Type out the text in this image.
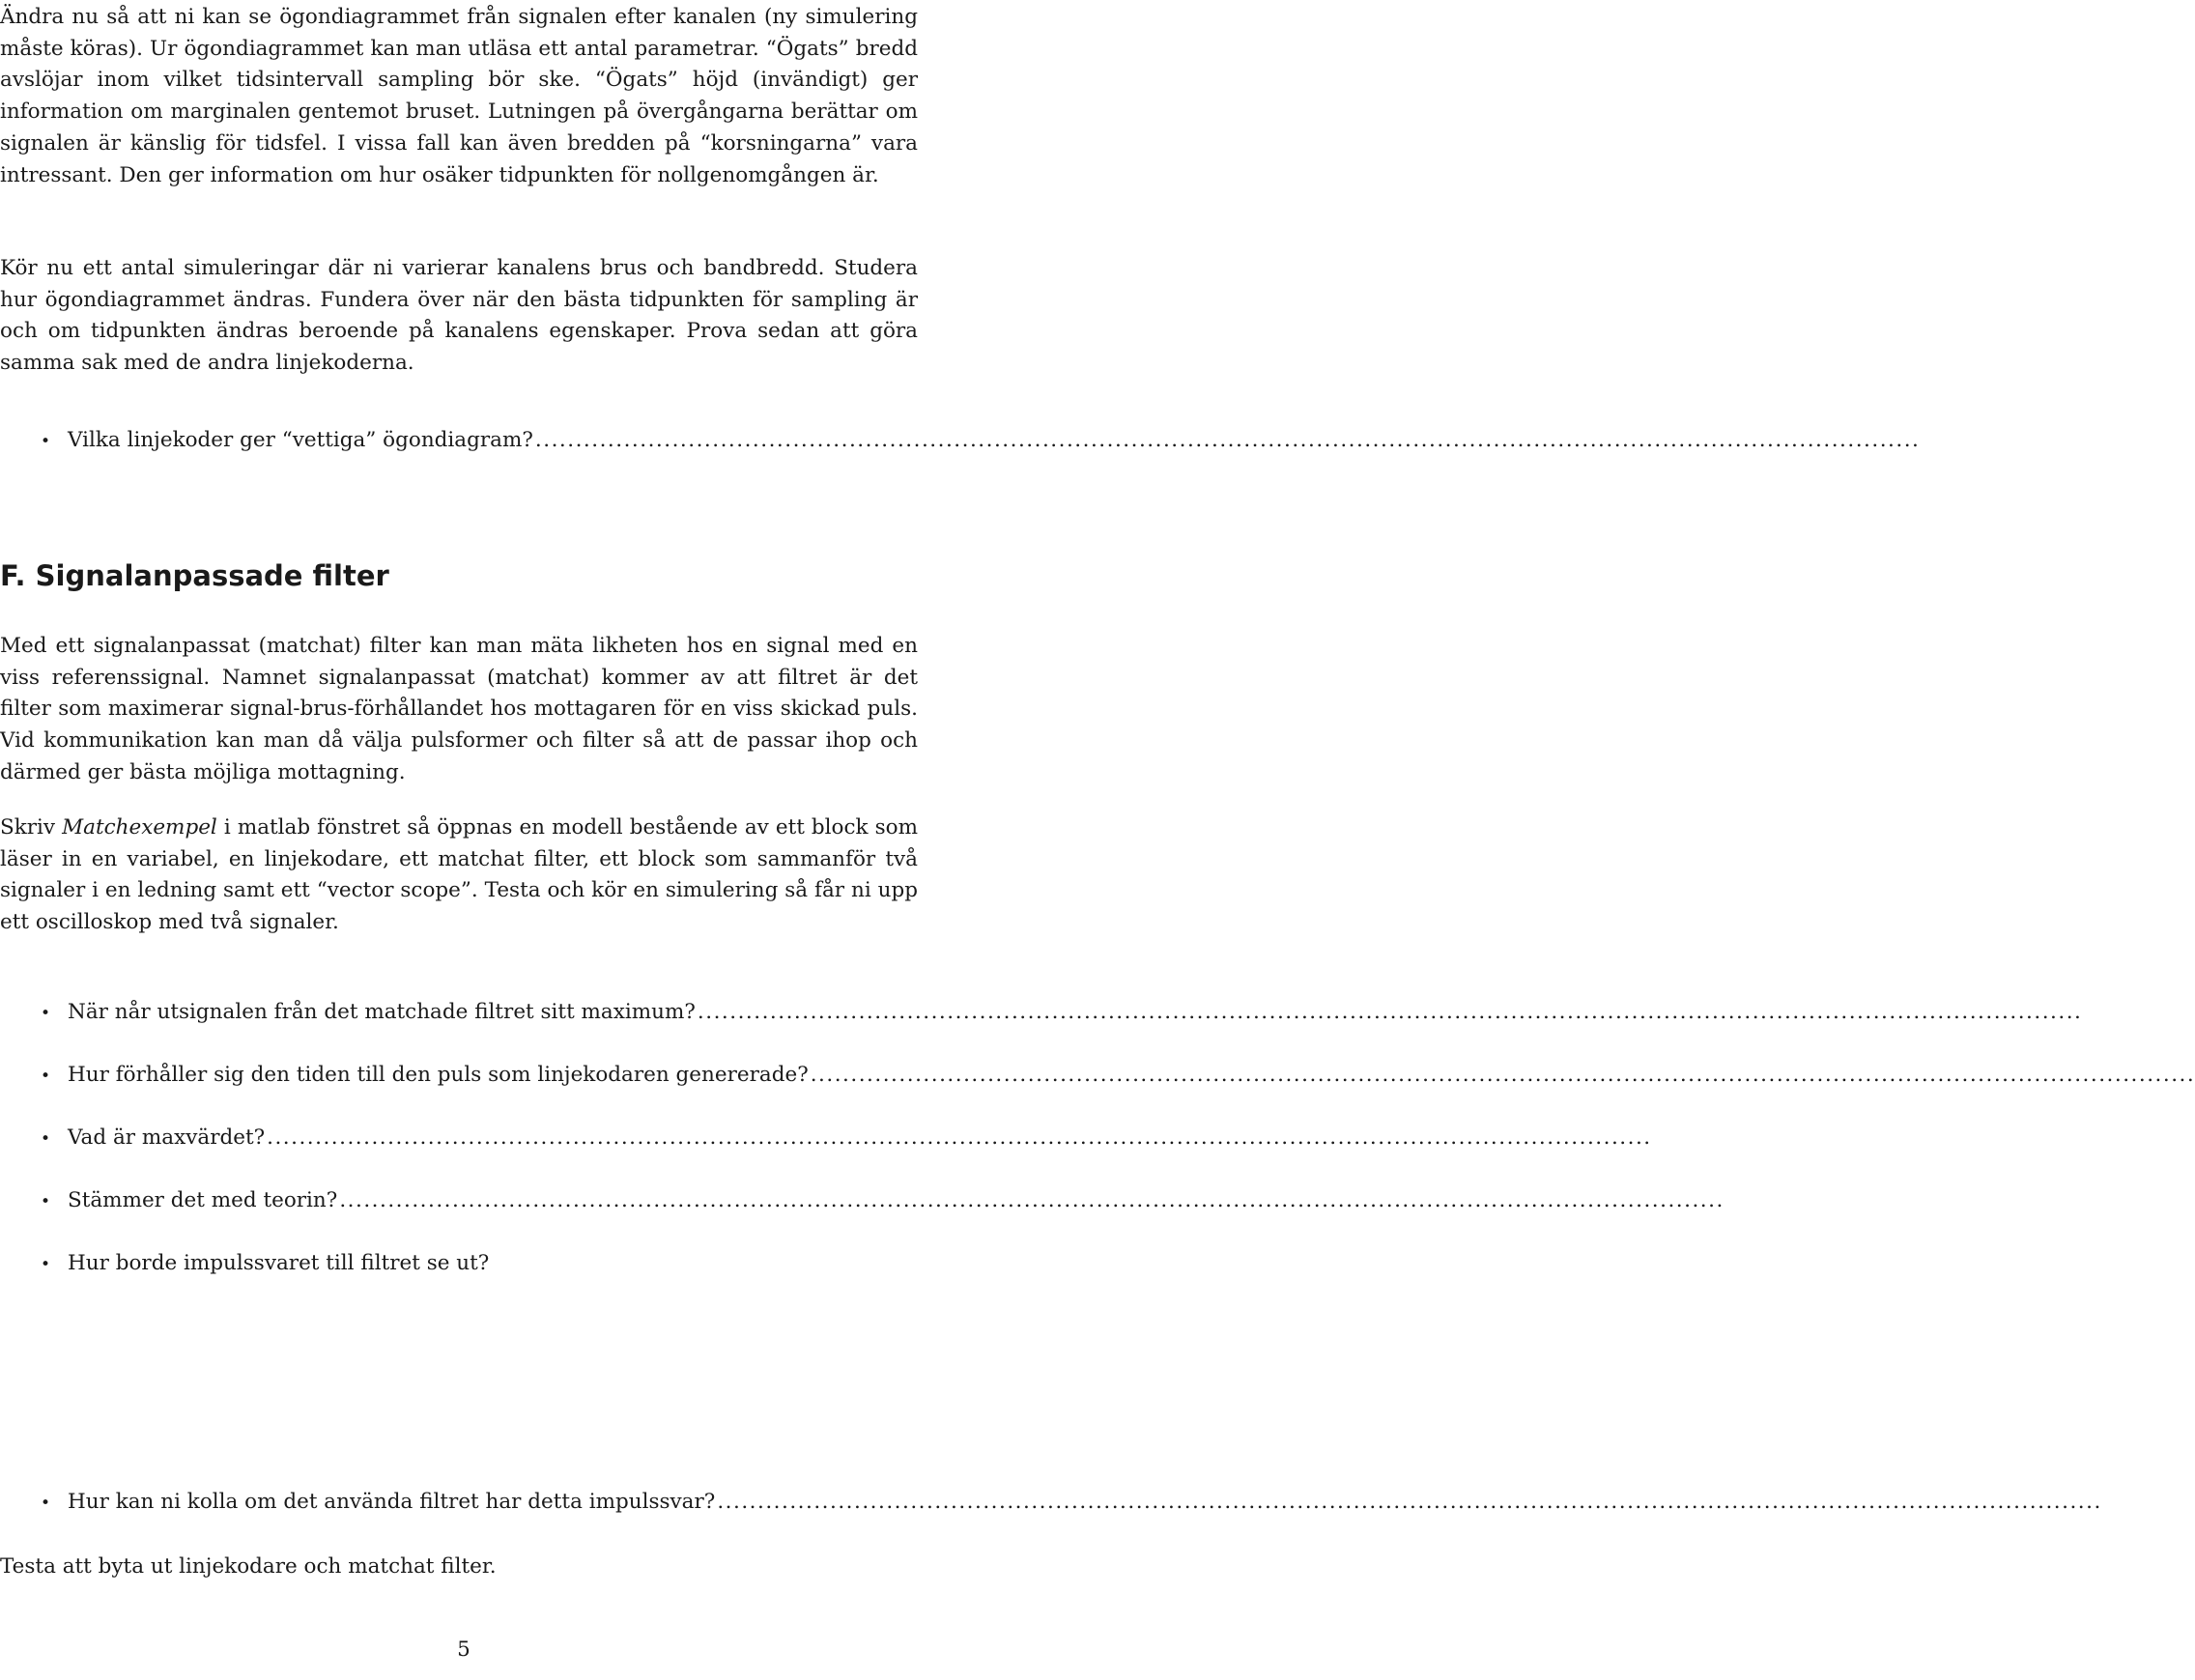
Ändra nu så att ni kan se ögondiagrammet från signalen efter kanalen (ny simulering måste köras). Ur ögondiagrammet kan man utläsa ett antal parametrar. “Ögats” bredd avslöjar inom vilket tidsintervall sampling bör ske. “Ögats” höjd (invändigt) ger information om marginalen gentemot bruset. Lutningen på övergångarna berättar om signalen är känslig för tidsfel. I vissa fall kan även bredden på “korsningarna” vara intressant. Den ger information om hur osäker tidpunkten för nollgenomgången är.

Kör nu ett antal simuleringar där ni varierar kanalens brus och bandbredd. Studera hur ögondiagrammet ändras. Fundera över när den bästa tidpunkten för sampling är och om tidpunkten ändras beroende på kanalens egenskaper. Prova sedan att göra samma sak med de andra linjekoderna.

• Vilka linjekoder ger “vettiga” ögondiagram? ............................................................................................................................................................................
F. Signalanpassade filter

Med ett signalanpassat (matchat) filter kan man mäta likheten hos en signal med en viss referenssignal. Namnet signalanpassat (matchat) kommer av att filtret är det filter som maximerar signal-brus-förhållandet hos mottagaren för en viss skickad puls. Vid kommunikation kan man då välja pulsformer och filter så att de passar ihop och därmed ger bästa möjliga mottagning.

Skriv Matchexempel i matlab fönstret så öppnas en modell bestående av ett block som läser in en variabel, en linjekodare, ett matchat filter, ett block som sammanför två signaler i en ledning samt ett “vector scope”. Testa och kör en simulering så får ni upp ett oscilloskop med två signaler.

• När når utsignalen från det matchade filtret sitt maximum? ............................................................................................................................................................................
• Hur förhåller sig den tiden till den puls som linjekodaren genererade? ............................................................................................................................................................................
• Vad är maxvärdet? ............................................................................................................................................................................
• Stämmer det med teorin? ............................................................................................................................................................................
• Hur borde impulssvaret till filtret se ut?
• Hur kan ni kolla om det använda filtret har detta impulssvar? ............................................................................................................................................................................

Testa att byta ut linjekodare och matchat filter.

5
